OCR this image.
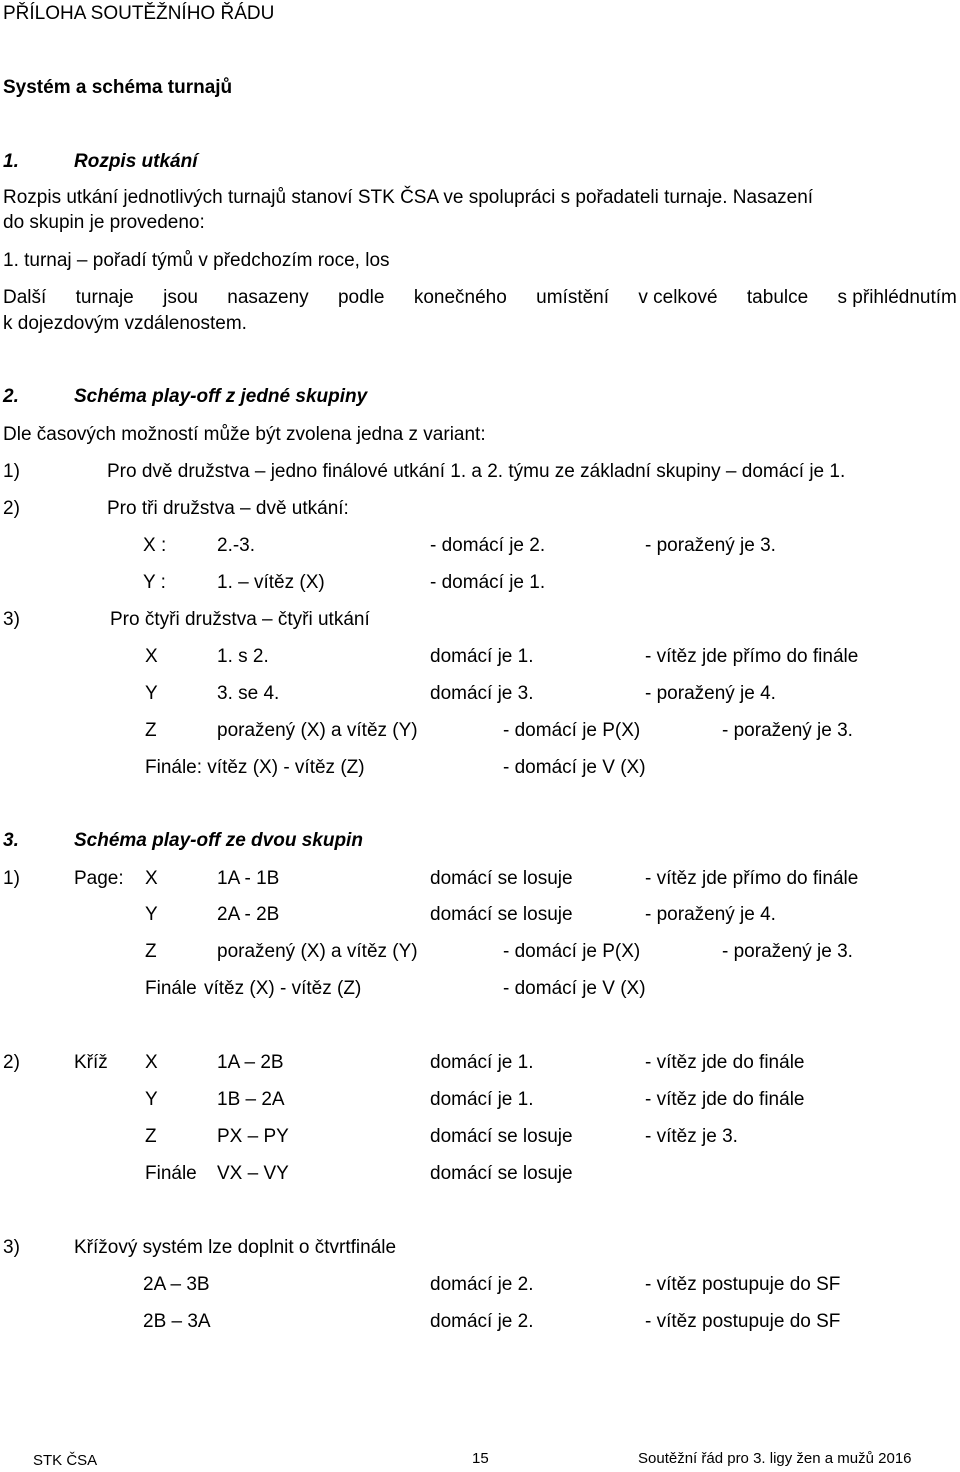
PŘÍLOHA SOUTĚŽNÍHO ŘÁDU
Systém a schéma turnajů
1.	Rozpis utkání
Rozpis utkání jednotlivých turnajů stanoví STK ČSA ve spolupráci s pořadateli turnaje. Nasazení
do skupin je provedeno:
1. turnaj – pořadí týmů v předchozím roce, los
Další turnaje jsou nasazeny podle konečného umístění v celkové tabulce s přihlédnutím
k dojezdovým vzdálenostem.
2.	Schéma play-off z jedné skupiny
Dle časových možností může být zvolena jedna z variant:
1)	Pro dvě družstva – jedno finálové utkání 1. a 2. týmu ze základní skupiny – domácí je 1.
2)	Pro tři družstva – dvě utkání:
X :	2.-3.	- domácí je 2.	- poražený je 3.
Y :	1. – vítěz (X)	- domácí je 1.
3)	Pro čtyři družstva – čtyři utkání
X	1. s 2.	domácí je 1.	- vítěz jde přímo do finále
Y	3. se 4.	domácí je 3.	- poražený je 4.
Z	poražený (X) a vítěz (Y)	- domácí je P(X)	- poražený je 3.
Finále: vítěz (X) - vítěz (Z)	- domácí je V (X)
3.	Schéma play-off ze dvou skupin
1)	Page: X	1A - 1B	domácí se losuje	- vítěz jde přímo do finále
Y	2A - 2B	domácí se losuje	- poražený je 4.
Z	poražený (X) a vítěz (Y)	- domácí je P(X)	- poražený je 3.
Finále vítěz (X) - vítěz (Z)	- domácí je V (X)
2)	Kříž X	1A – 2B	domácí je 1.	- vítěz jde do finále
Y	1B – 2A	domácí je 1.	- vítěz jde do finále
Z	PX – PY	domácí se losuje	- vítěz je 3.
Finále VX – VY	domácí se losuje
3)	Křížový systém lze doplnit o čtvrtfinále
2A – 3B	domácí je 2.	- vítěz postupuje do SF
2B – 3A	domácí je 2.	- vítěz postupuje do SF
STK ČSA	15	Soutěžní řád pro 3. ligy žen a mužů 2016
